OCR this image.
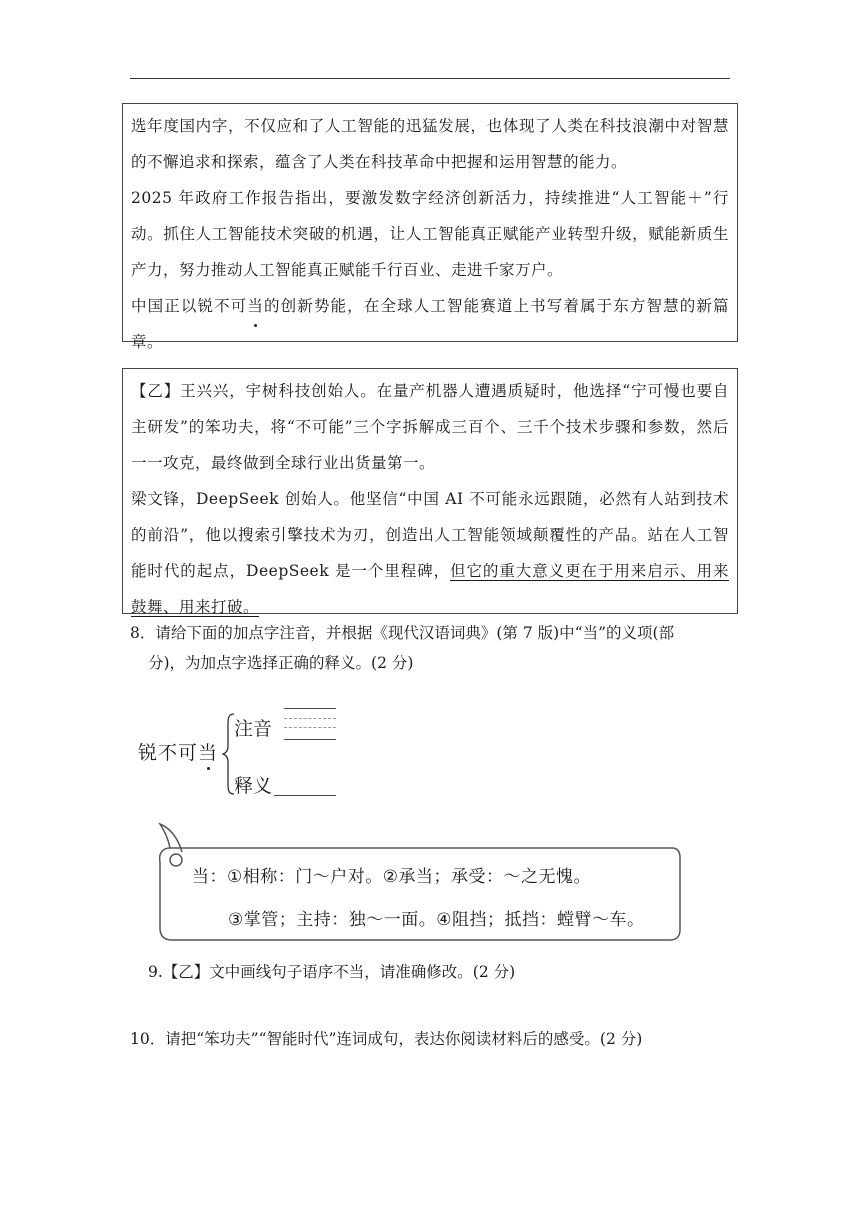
选年度国内字，不仅应和了人工智能的迅猛发展，也体现了人类在科技浪潮中对智慧的不懈追求和探索，蕴含了人类在科技革命中把握和运用智慧的能力。

2025 年政府工作报告指出，要激发数字经济创新活力，持续推进“人工智能＋”行动。抓住人工智能技术突破的机遇，让人工智能真正赋能产业转型升级，赋能新质生产力，努力推动人工智能真正赋能千行百业、走进千家万户。

中国正以锐不可当的创新势能，在全球人工智能赛道上书写着属于东方智慧的新篇章。

【乙】王兴兴，宇树科技创始人。在量产机器人遭遇质疑时，他选择“宁可慢也要自主研发”的笨功夫，将“不可能”三个字拆解成三百个、三千个技术步骤和参数，然后一一攻克，最终做到全球行业出货量第一。

梁文锋，DeepSeek 创始人。他坚信“中国 AI 不可能永远跟随，必然有人站到技术的前沿”，他以搜索引擎技术为刃，创造出人工智能领域颠覆性的产品。站在人工智能时代的起点，DeepSeek 是一个里程碑，但它的重大意义更在于用来启示、用来鼓舞、用来打破。

8．请给下面的加点字注音，并根据《现代汉语词典》(第 7 版)中“当”的义项(部
分)，为加点字选择正确的释义。(2 分)
锐不可当
注音
释义
当：①相称：门～户对。②承当；承受：～之无愧。
③掌管；主持：独～一面。④阻挡；抵挡：螳臂～车。
9.【乙】文中画线句子语序不当，请准确修改。(2 分)
10．请把“笨功夫”“智能时代”连词成句，表达你阅读材料后的感受。(2 分)
